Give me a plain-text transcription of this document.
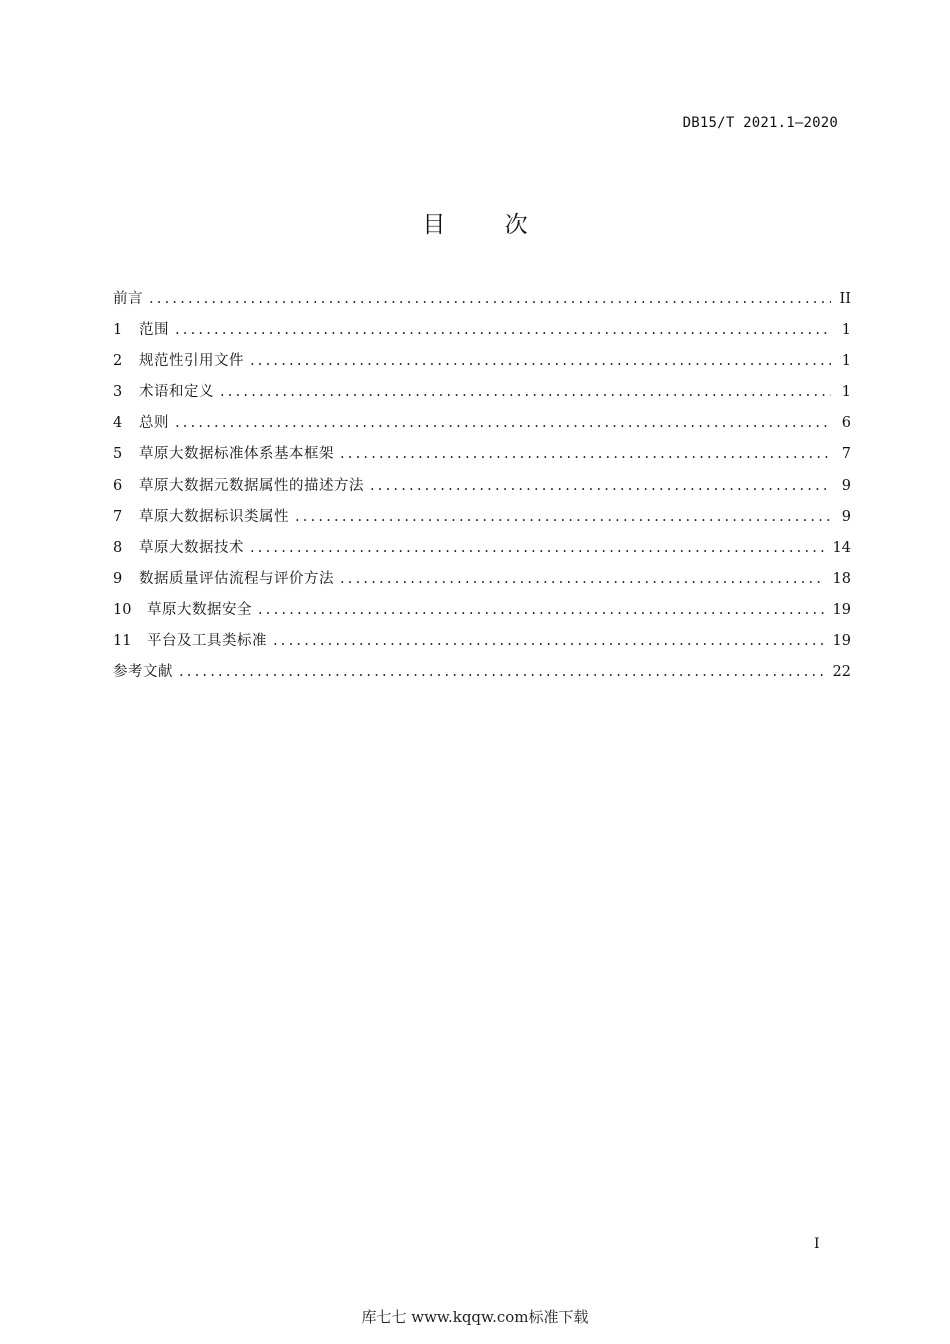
DB15/T 2021.1—2020
目 次
前言 .....	II
1	范围 .....	1
2	规范性引用文件 .....	1
3	术语和定义 .....	1
4	总则 .....	6
5	草原大数据标准体系基本框架 .....	7
6	草原大数据元数据属性的描述方法 .....	9
7	草原大数据标识类属性 .....	9
8	草原大数据技术 .....	14
9	数据质量评估流程与评价方法 .....	18
10	草原大数据安全 .....	19
11	平台及工具类标准 .....	19
参考文献 .....	22
I
库七七 www.kqqw.com标准下载
